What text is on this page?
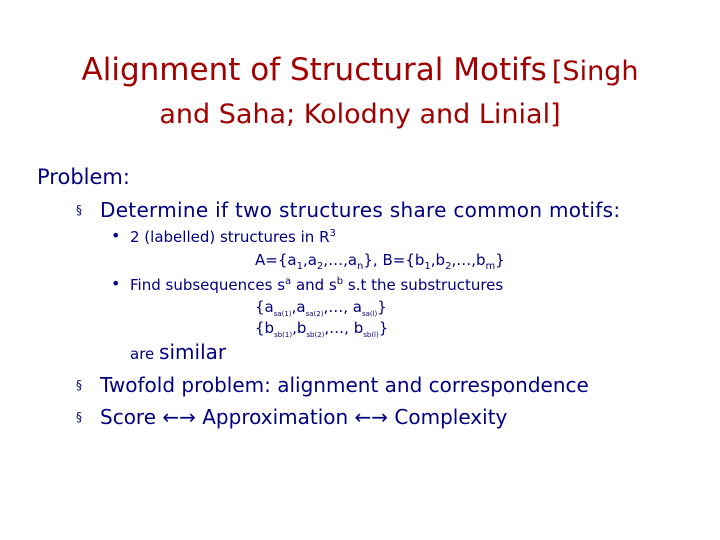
Alignment of Structural Motifs [Singh
and Saha; Kolodny and Linial]
Problem:
§ Determine if two structures share common motifs:
• 2 (labelled) structures in $R^3$
$A=\{a_1,a_2,\dots,a_n\}$, $B=\{b_1,b_2,\dots,b_m\}$
• Find subsequences $s^a$ and $s^b$ s.t the substructures
{$a_{sa(1)},a_{sa(2)},\dots$, $a_{sa(l)}$}
{$b_{sb(1)},b_{sb(2)},\dots$, $b_{sb(l)}$}
are similar
§ Twofold problem: alignment and correspondence
§ Score ←→ Approximation ←→ Complexity
